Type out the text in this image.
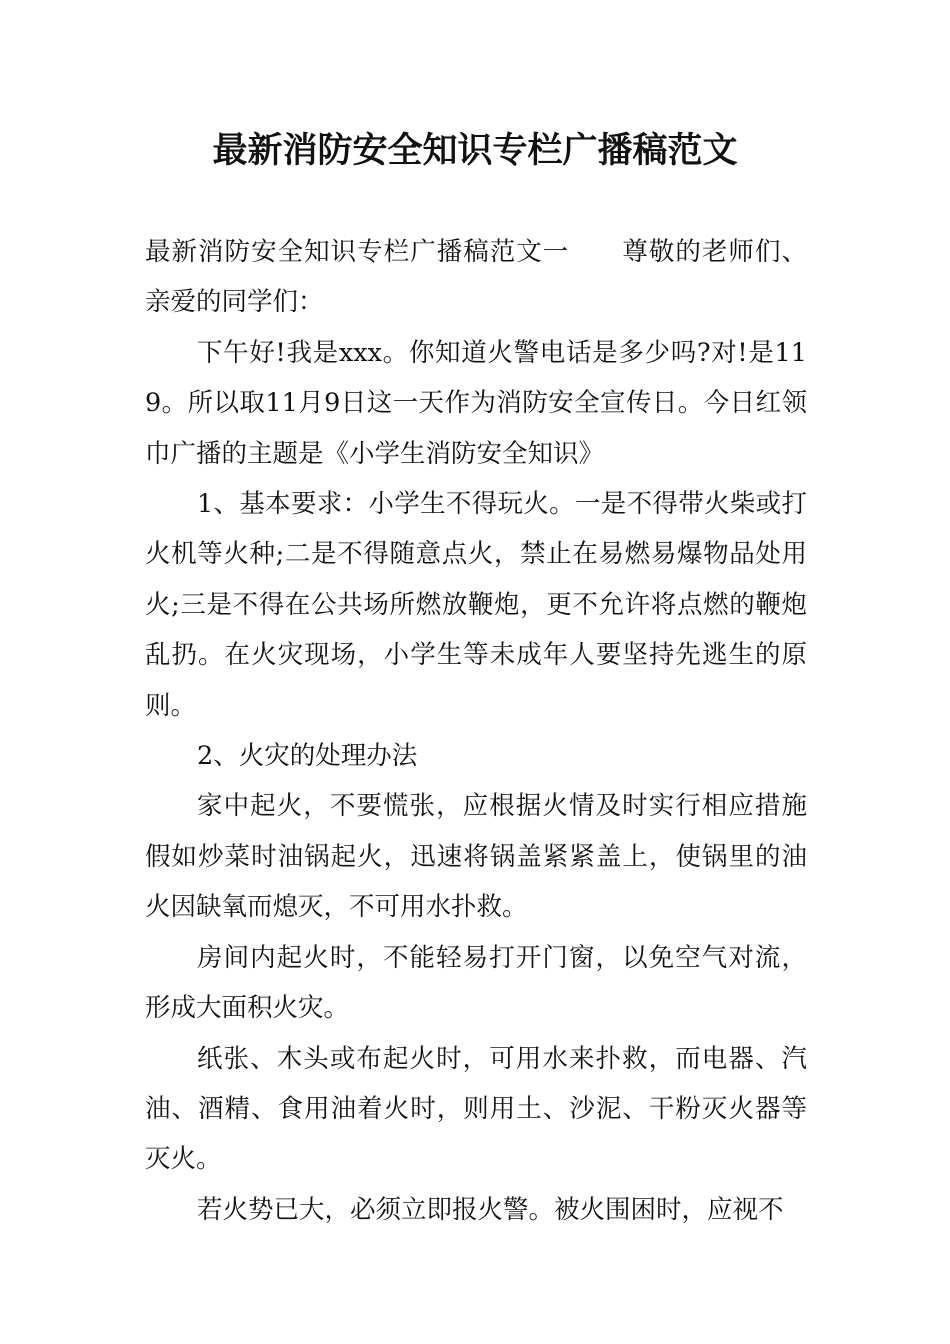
最新消防安全知识专栏广播稿范文

最新消防安全知识专栏广播稿范文一 尊敬的老师们、亲爱的同学们：

下午好!我是xxx。你知道火警电话是多少吗?对!是119。所以取11月9日这一天作为消防安全宣传日。今日红领巾广播的主题是《小学生消防安全知识》

1、基本要求：小学生不得玩火。一是不得带火柴或打火机等火种;二是不得随意点火，禁止在易燃易爆物品处用火;三是不得在公共场所燃放鞭炮，更不允许将点燃的鞭炮乱扔。在火灾现场，小学生等未成年人要坚持先逃生的原则。

2、火灾的处理办法

家中起火，不要慌张，应根据火情及时实行相应措施假如炒菜时油锅起火，迅速将锅盖紧紧盖上，使锅里的油火因缺氧而熄灭，不可用水扑救。

房间内起火时，不能轻易打开门窗，以免空气对流，形成大面积火灾。

纸张、木头或布起火时，可用水来扑救，而电器、汽油、酒精、食用油着火时，则用土、沙泥、干粉灭火器等灭火。

若火势已大，必须立即报火警。被火围困时，应视不
